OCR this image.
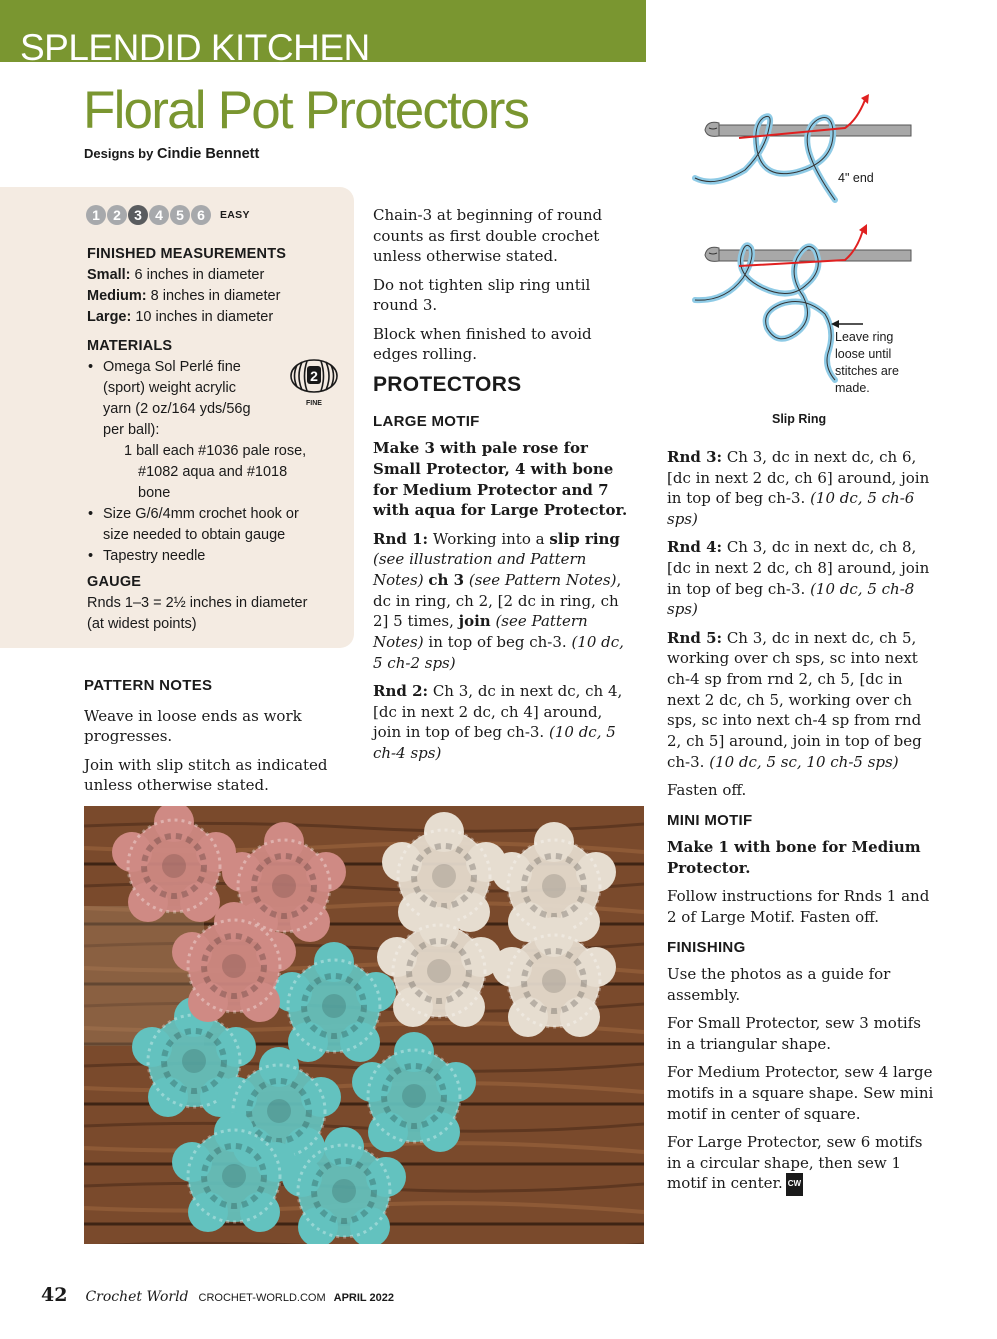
SPLENDID KITCHEN
Floral Pot Protectors
Designs by Cindie Bennett
1 2 3 4 5 6	EASY
FINISHED MEASUREMENTS
Small: 6 inches in diameter
Medium: 8 inches in diameter
Large: 10 inches in diameter
MATERIALS
• Omega Sol Perlé fine
(sport) weight acrylic
yarn (2 oz/164 yds/56g
per ball):
1 ball each #1036 pale rose,
#1082 aqua and #1018
bone
• Size G/6/4mm crochet hook or
size needed to obtain gauge
• Tapestry needle
2
FINE
GAUGE
Rnds 1–3 = 2½ inches in diameter
(at widest points)

PATTERN NOTES

Weave in loose ends as work progresses.

Join with slip stitch as indicated unless otherwise stated.

Chain-3 at beginning of round counts as first double crochet unless otherwise stated.

Do not tighten slip ring until round 3.

Block when finished to avoid edges rolling.

PROTECTORS

LARGE MOTIF

Make 3 with pale rose for Small Protector, 4 with bone for Medium Protector and 7 with aqua for Large Protector.

Rnd 1: Working into a slip ring (see illustration and Pattern Notes) ch 3 (see Pattern Notes), dc in ring, ch 2, [2 dc in ring, ch 2] 5 times, join (see Pattern Notes) in top of beg ch-3. (10 dc, 5 ch-2 sps)

Rnd 2: Ch 3, dc in next dc, ch 4, [dc in next 2 dc, ch 4] around, join in top of beg ch-3. (10 dc, 5 ch-4 sps)

Rnd 3: Ch 3, dc in next dc, ch 6, [dc in next 2 dc, ch 6] around, join in top of beg ch-3. (10 dc, 5 ch-6 sps)

Rnd 4: Ch 3, dc in next dc, ch 8, [dc in next 2 dc, ch 8] around, join in top of beg ch-3. (10 dc, 5 ch-8 sps)

Rnd 5: Ch 3, dc in next dc, ch 5, working over ch sps, sc into next ch-4 sp from rnd 2, ch 5, [dc in next 2 dc, ch 5, working over ch sps, sc into next ch-4 sp from rnd 2, ch 5] around, join in top of beg ch-3. (10 dc, 5 sc, 10 ch-5 sps)

Fasten off.

MINI MOTIF

Make 1 with bone for Medium Protector.

Follow instructions for Rnds 1 and 2 of Large Motif. Fasten off.

FINISHING

Use the photos as a guide for assembly.

For Small Protector, sew 3 motifs in a triangular shape.

For Medium Protector, sew 4 large motifs in a square shape. Sew mini motif in center of square.

For Large Protector, sew 6 motifs in a circular shape, then sew 1 motif in center. CW

4" end
Leave ring
loose until
stitches are
made.
Slip Ring
42 Crochet World CROCHET-WORLD.COM APRIL 2022
